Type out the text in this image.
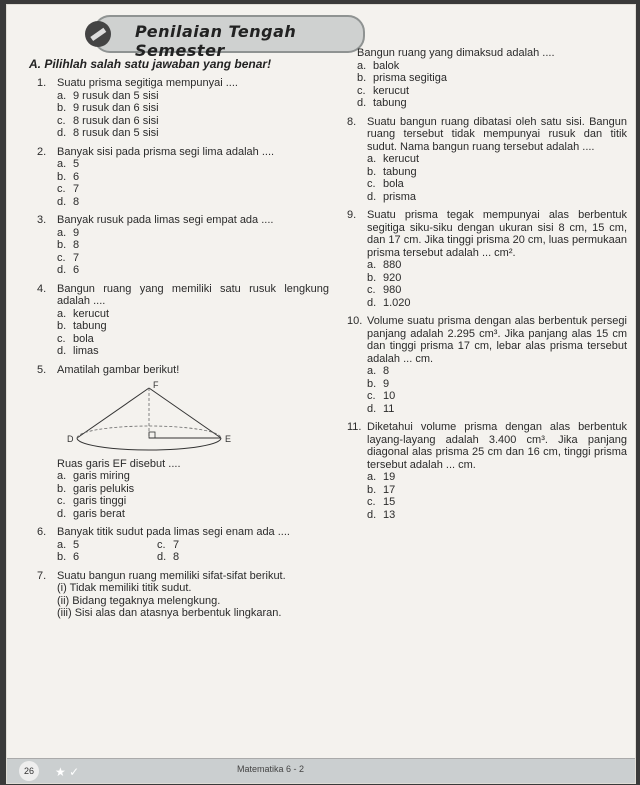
Penilaian Tengah Semester
A. Pilihlah salah satu jawaban yang benar!
1. Suatu prisma segitiga mempunyai ....
a. 9 rusuk dan 5 sisi
b. 9 rusuk dan 6 sisi
c. 8 rusuk dan 6 sisi
d. 8 rusuk dan 5 sisi
2. Banyak sisi pada prisma segi lima adalah ....
a. 5
b. 6
c. 7
d. 8
3. Banyak rusuk pada limas segi empat ada ....
a. 9
b. 8
c. 7
d. 6
4. Bangun ruang yang memiliki satu rusuk lengkung adalah ....
a. kerucut
b. tabung
c. bola
d. limas
5. Amatilah gambar berikut!
F
D	E
Ruas garis EF disebut ....
a. garis miring
b. garis pelukis
c. garis tinggi
d. garis berat
6. Banyak titik sudut pada limas segi enam ada ....
a. 5	c. 7
b. 6	d. 8
7. Suatu bangun ruang memiliki sifat-sifat berikut.
(i) Tidak memiliki titik sudut.
(ii) Bidang tegaknya melengkung.
(iii) Sisi alas dan atasnya berbentuk lingkaran.
Bangun ruang yang dimaksud adalah ....
a. balok
b. prisma segitiga
c. kerucut
d. tabung
8. Suatu bangun ruang dibatasi oleh satu sisi. Bangun ruang tersebut tidak mempunyai rusuk dan titik sudut. Nama bangun ruang tersebut adalah ....
a. kerucut
b. tabung
c. bola
d. prisma
9. Suatu prisma tegak mempunyai alas berbentuk segitiga siku-siku dengan ukuran sisi 8 cm, 15 cm, dan 17 cm. Jika tinggi prisma 20 cm, luas permukaan prisma tersebut adalah ... cm².
a. 880
b. 920
c. 980
d. 1.020
10. Volume suatu prisma dengan alas berbentuk persegi panjang adalah 2.295 cm³. Jika panjang alas 15 cm dan tinggi prisma 17 cm, lebar alas prisma tersebut adalah ... cm.
a. 8
b. 9
c. 10
d. 11
11. Diketahui volume prisma dengan alas berbentuk layang-layang adalah 3.400 cm³. Jika panjang diagonal alas prisma 25 cm dan 16 cm, tinggi prisma tersebut adalah ... cm.
a. 19
b. 17
c. 15
d. 13
26	★ ✓	Matematika 6 - 2
